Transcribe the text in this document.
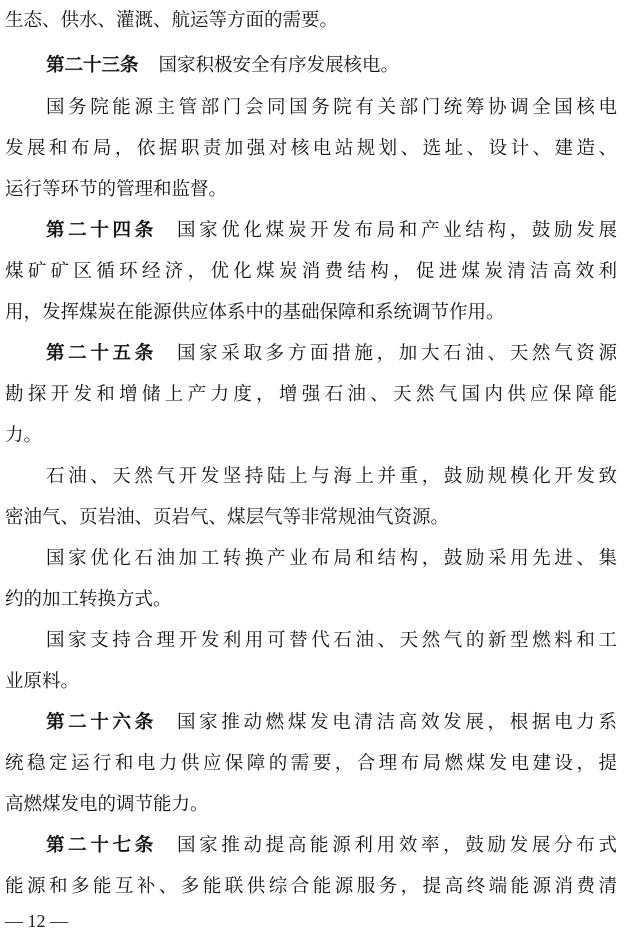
生态、供水、灌溉、航运等方面的需要。
第二十三条 国家积极安全有序发展核电。
国务院能源主管部门会同国务院有关部门统筹协调全国核电
发展和布局，依据职责加强对核电站规划、选址、设计、建造、
运行等环节的管理和监督。
第二十四条 国家优化煤炭开发布局和产业结构，鼓励发展
煤矿矿区循环经济，优化煤炭消费结构，促进煤炭清洁高效利
用，发挥煤炭在能源供应体系中的基础保障和系统调节作用。
第二十五条 国家采取多方面措施，加大石油、天然气资源
勘探开发和增储上产力度，增强石油、天然气国内供应保障能
力。
石油、天然气开发坚持陆上与海上并重，鼓励规模化开发致
密油气、页岩油、页岩气、煤层气等非常规油气资源。
国家优化石油加工转换产业布局和结构，鼓励采用先进、集
约的加工转换方式。
国家支持合理开发利用可替代石油、天然气的新型燃料和工
业原料。
第二十六条 国家推动燃煤发电清洁高效发展，根据电力系
统稳定运行和电力供应保障的需要，合理布局燃煤发电建设，提
高燃煤发电的调节能力。
第二十七条 国家推动提高能源利用效率，鼓励发展分布式
能源和多能互补、多能联供综合能源服务，提高终端能源消费清
— 12 —
